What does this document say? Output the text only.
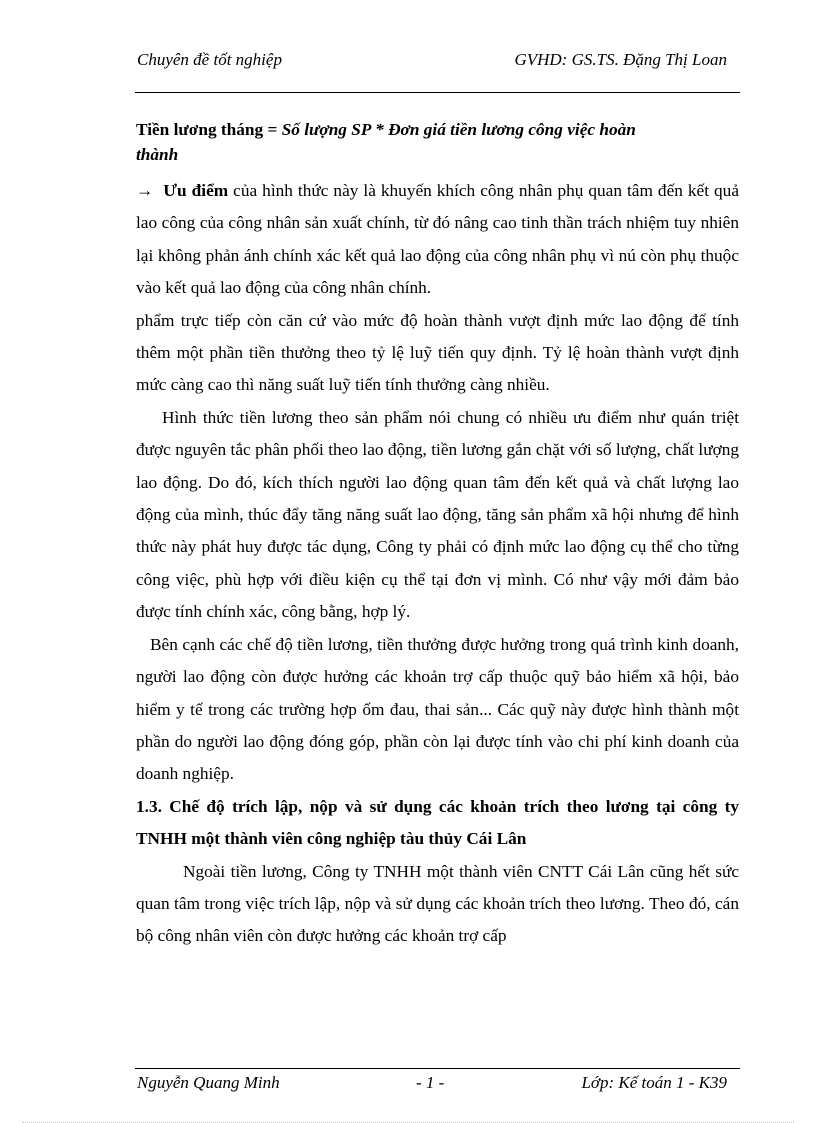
Chuyên đề tốt nghiệp	GVHD: GS.TS. Đặng Thị Loan

Tiền lương tháng = Số lượng SP * Đơn giá tiền lương công việc hoàn
thành

→ Ưu điểm của hình thức này là khuyến khích công nhân phụ quan tâm đến kết quả lao công của công nhân sản xuất chính, từ đó nâng cao tinh thần trách nhiệm tuy nhiên lại không phản ánh chính xác kết quả lao động của công nhân phụ vì nú còn phụ thuộc vào kết quả lao động của công nhân chính.

phẩm trực tiếp còn căn cứ vào mức độ hoàn thành vượt định mức lao động để tính thêm một phần tiền thưởng theo tỷ lệ luỹ tiến quy định. Tỷ lệ hoàn thành vượt định mức càng cao thì năng suất luỹ tiến tính thưởng càng nhiều.

Hình thức tiền lương theo sản phẩm nói chung có nhiều ưu điểm như quán triệt được nguyên tắc phân phối theo lao động, tiền lương gắn chặt với số lượng, chất lượng lao động. Do đó, kích thích người lao động quan tâm đến kết quả và chất lượng lao động của mình, thúc đẩy tăng năng suất lao động, tăng sản phẩm xã hội nhưng để hình thức này phát huy được tác dụng, Công ty phải có định mức lao động cụ thể cho từng công việc, phù hợp với điều kiện cụ thể tại đơn vị mình. Có như vậy mới đảm bảo được tính chính xác, công bằng, hợp lý.

Bên cạnh các chế độ tiền lương, tiền thưởng được hưởng trong quá trình kinh doanh, người lao động còn được hưởng các khoản trợ cấp thuộc quỹ bảo hiểm xã hội, bảo hiểm y tế trong các trường hợp ốm đau, thai sản... Các quỹ này được hình thành một phần do người lao động đóng góp, phần còn lại được tính vào chi phí kinh doanh của doanh nghiệp.

1.3. Chế độ trích lập, nộp và sử dụng các khoản trích theo lương tại công ty TNHH một thành viên công nghiệp tàu thủy Cái Lân

Ngoài tiền lương, Công ty TNHH một thành viên CNTT Cái Lân cũng hết sức quan tâm trong việc trích lập, nộp và sử dụng các khoản trích theo lương. Theo đó, cán bộ công nhân viên còn được hưởng các khoản trợ cấp

Nguyễn Quang Minh	- 1 -	Lớp: Kế toán 1 - K39
